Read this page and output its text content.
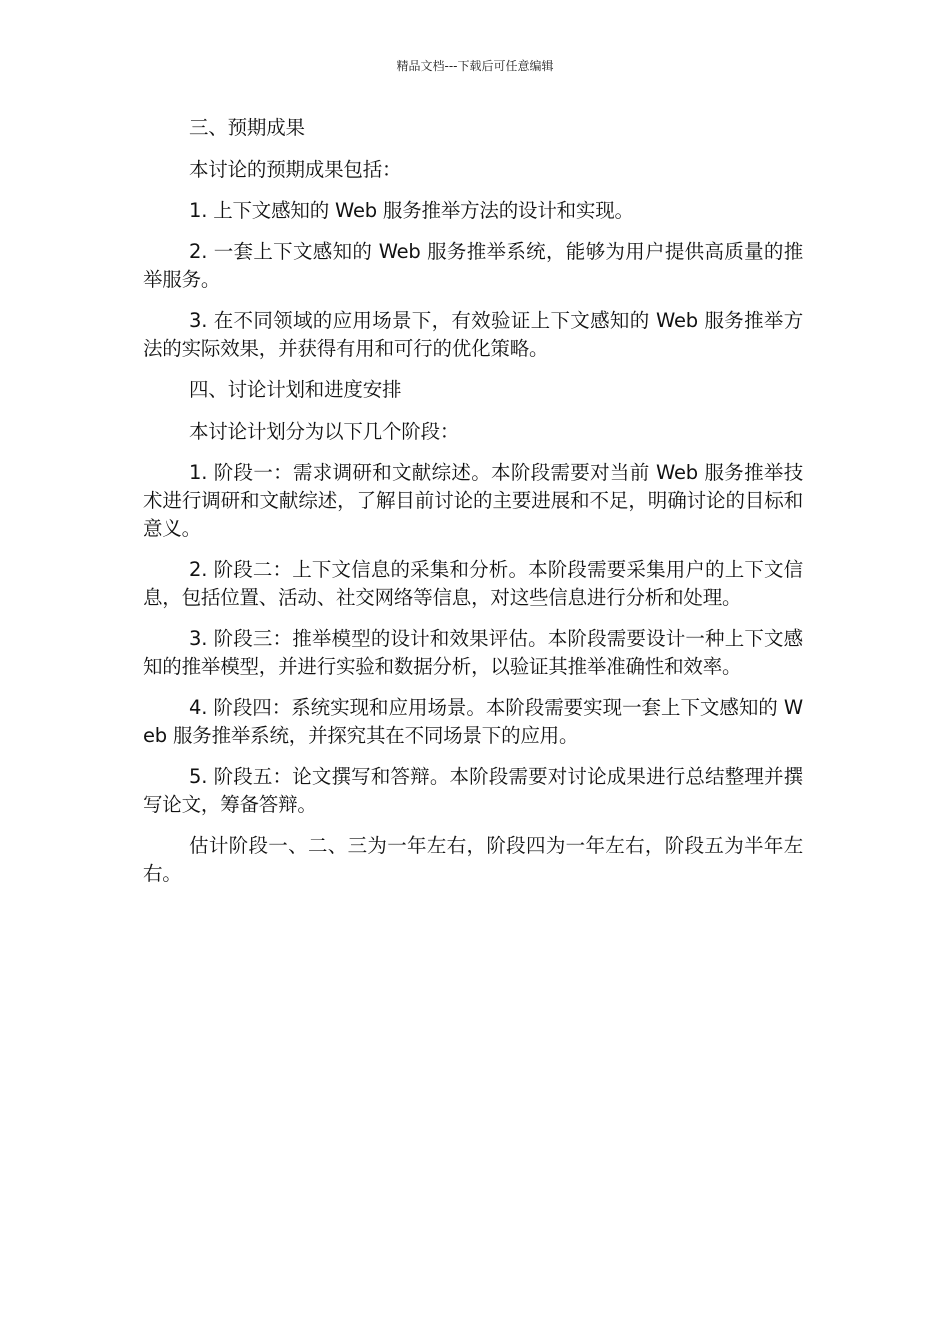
精品文档---下载后可任意编辑

三、预期成果

本讨论的预期成果包括：

1. 上下文感知的 Web 服务推举方法的设计和实现。

2. 一套上下文感知的 Web 服务推举系统，能够为用户提供高质量的推举服务。

3. 在不同领域的应用场景下，有效验证上下文感知的 Web 服务推举方法的实际效果，并获得有用和可行的优化策略。

四、讨论计划和进度安排

本讨论计划分为以下几个阶段：

1. 阶段一：需求调研和文献综述。本阶段需要对当前 Web 服务推举技术进行调研和文献综述，了解目前讨论的主要进展和不足，明确讨论的目标和意义。

2. 阶段二：上下文信息的采集和分析。本阶段需要采集用户的上下文信息，包括位置、活动、社交网络等信息，对这些信息进行分析和处理。

3. 阶段三：推举模型的设计和效果评估。本阶段需要设计一种上下文感知的推举模型，并进行实验和数据分析，以验证其推举准确性和效率。

4. 阶段四：系统实现和应用场景。本阶段需要实现一套上下文感知的 Web 服务推举系统，并探究其在不同场景下的应用。

5. 阶段五：论文撰写和答辩。本阶段需要对讨论成果进行总结整理并撰写论文，筹备答辩。

估计阶段一、二、三为一年左右，阶段四为一年左右，阶段五为半年左右。
